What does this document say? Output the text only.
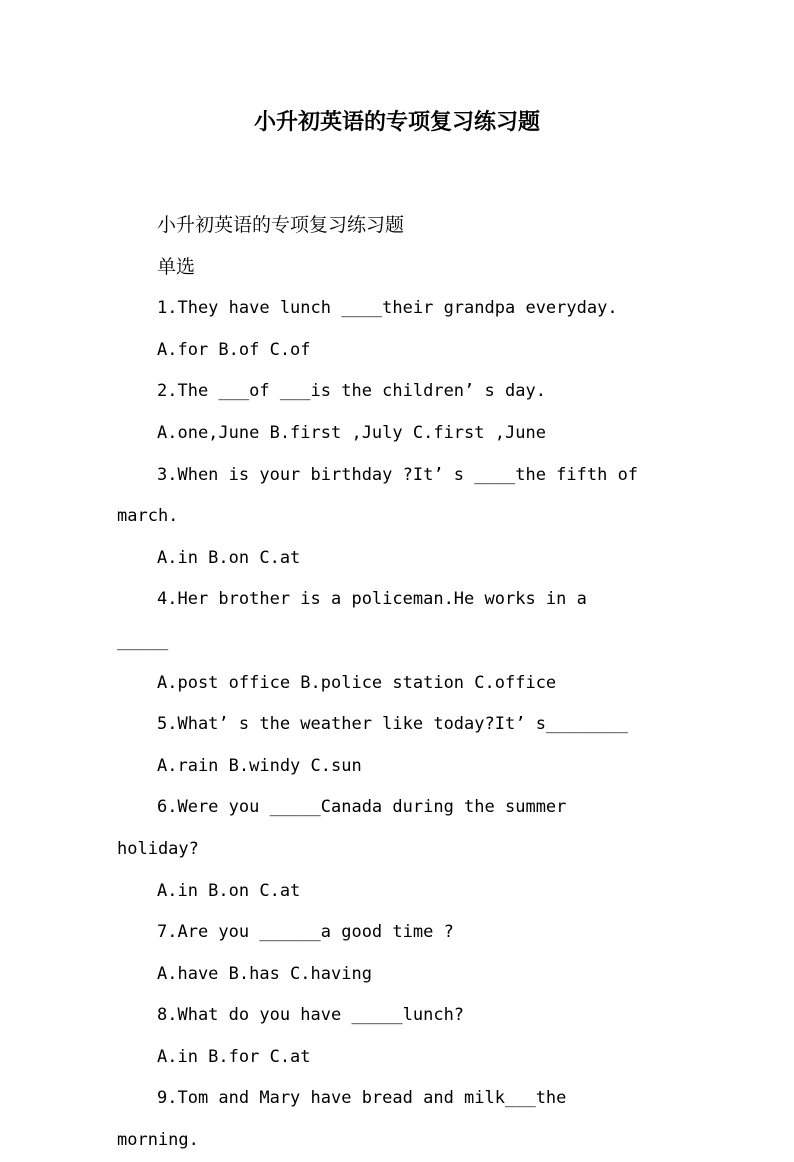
小升初英语的专项复习练习题

小升初英语的专项复习练习题

单选

1.They have lunch ____their grandpa everyday.

A.for B.of C.of

2.The ___of ___is the children’ s day.

A.one,June B.first ,July C.first ,June

3.When is your birthday ?It’ s ____the fifth of march.

A.in B.on C.at

4.Her brother is a policeman.He works in a _____

A.post office B.police station C.office

5.What’ s the weather like today?It’ s________

A.rain B.windy C.sun

6.Were you _____Canada during the summer holiday?

A.in B.on C.at

7.Are you ______a good time ?

A.have B.has C.having

8.What do you have _____lunch?

A.in B.for C.at

9.Tom and Mary have bread and milk___the morning.
